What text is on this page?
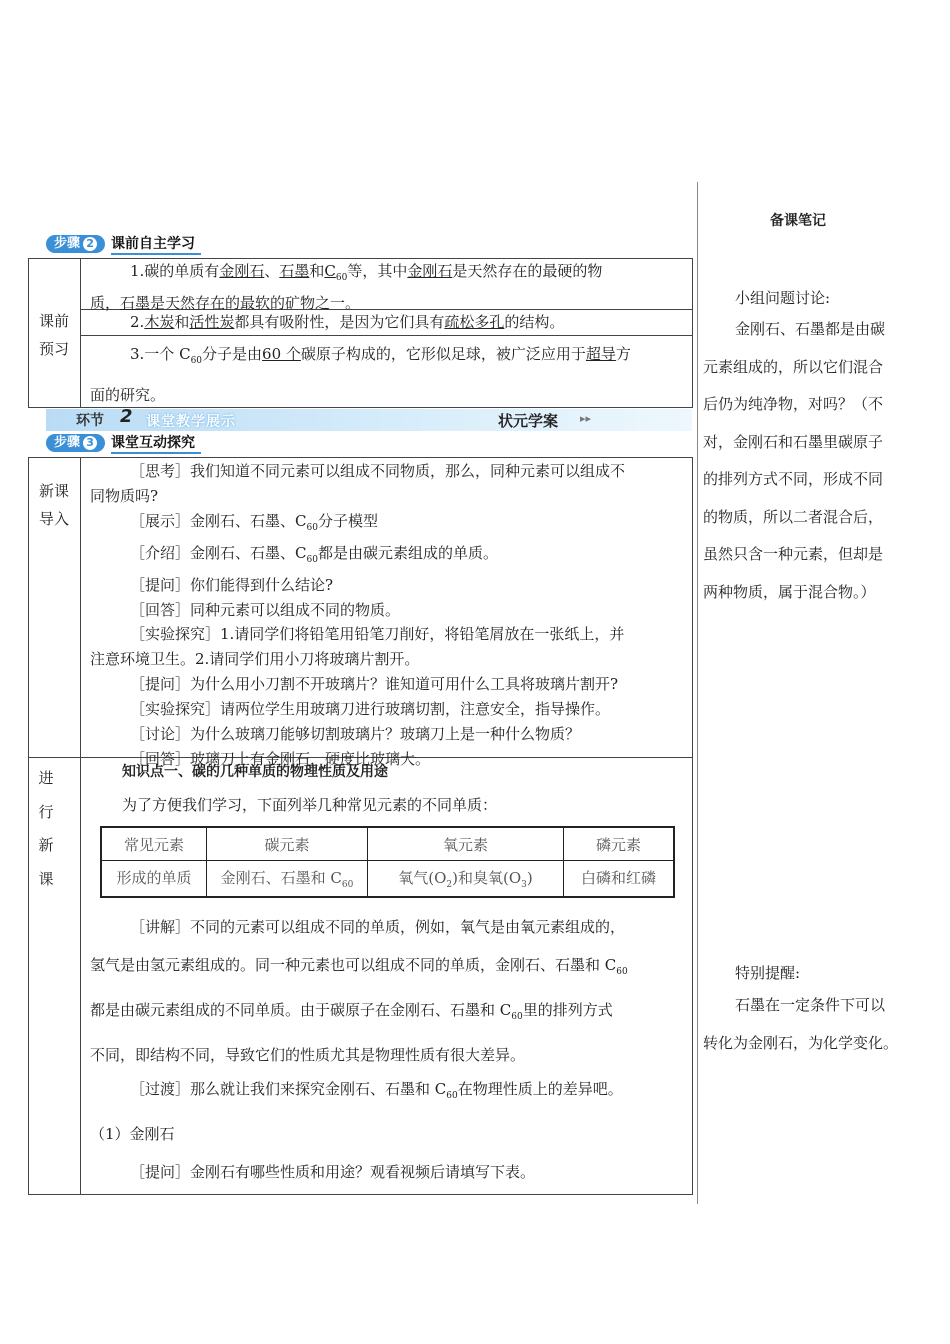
步骤 2 课前自主学习
课前
预习
1.碳的单质有金刚石、石墨和$C_{60}$等，其中金刚石是天然存在的最硬的物
质，石墨是天然存在的最软的矿物之一。
2.木炭和活性炭都具有吸附性，是因为它们具有疏松多孔的结构。
3.一个 $C_{60}$分子是由60 个碳原子构成的，它形似足球，被广泛应用于超导方
面的研究。
环节 2 课堂教学展示	状元学案 ▸▸
步骤 3 课堂互动探究
新课
导入
［思考］我们知道不同元素可以组成不同物质，那么，同种元素可以组成不
同物质吗?
［展示］金刚石、石墨、$C_{60}$分子模型
［介绍］金刚石、石墨、$C_{60}$都是由碳元素组成的单质。
［提问］你们能得到什么结论?
［回答］同种元素可以组成不同的物质。
［实验探究］1.请同学们将铅笔用铅笔刀削好，将铅笔屑放在一张纸上，并
注意环境卫生。2.请同学们用小刀将玻璃片割开。
［提问］为什么用小刀割不开玻璃片？谁知道可用什么工具将玻璃片割开?
［实验探究］请两位学生用玻璃刀进行玻璃切割，注意安全，指导操作。
［讨论］为什么玻璃刀能够切割玻璃片？玻璃刀上是一种什么物质？
［回答］玻璃刀上有金刚石，硬度比玻璃大。
进
行
新
课
知识点一、碳的几种单质的物理性质及用途
为了方便我们学习，下面列举几种常见元素的不同单质：
常见元素	碳元素	氧元素	磷元素
形成的单质	金刚石、石墨和 $C_{60}$	氧气$(O_2)$和臭氧$(O_3)$	白磷和红磷
［讲解］不同的元素可以组成不同的单质，例如，氧气是由氧元素组成的，
氢气是由氢元素组成的。同一种元素也可以组成不同的单质，金刚石、石墨和 $C_{60}$
都是由碳元素组成的不同单质。由于碳原子在金刚石、石墨和 $C_{60}$里的排列方式
不同，即结构不同，导致它们的性质尤其是物理性质有很大差异。
［过渡］那么就让我们来探究金刚石、石墨和 $C_{60}$在物理性质上的差异吧。
（1）金刚石
［提问］金刚石有哪些性质和用途？观看视频后请填写下表。
备课笔记
小组问题讨论:
金刚石、石墨都是由碳
元素组成的，所以它们混合
后仍为纯净物，对吗？（不
对，金刚石和石墨里碳原子
的排列方式不同，形成不同
的物质，所以二者混合后，
虽然只含一种元素，但却是
两种物质，属于混合物。）
特别提醒:
石墨在一定条件下可以
转化为金刚石，为化学变化。
